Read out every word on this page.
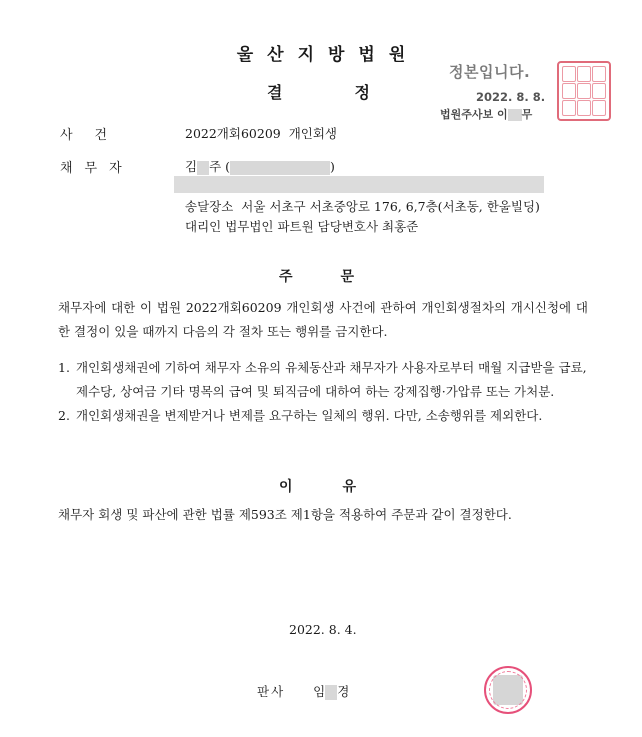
울산지방법원
결	정
정본입니다.
2022. 8. 8.
법원주사보 이 무
사건	2022개회60209 개인회생
채무자	김 주 (	)
송달장소  서울 서초구 서초중앙로 176, 6,7층(서초동, 한울빌딩)
대리인 법무법인 파트원 담당변호사 최홍준
주	문
채무자에 대한 이 법원 2022개회60209 개인회생 사건에 관하여 개인회생절차의 개시신청에 대한 결정이 있을 때까지 다음의 각 절차 또는 행위를 금지한다.
1. 개인회생채권에 기하여 채무자 소유의 유체동산과 채무자가 사용자로부터 매월 지급받을 급료, 제수당, 상여금 기타 명목의 급여 및 퇴직금에 대하여 하는 강제집행·가압류 또는 가처분.
2. 개인회생채권을 변제받거나 변제를 요구하는 일체의 행위. 다만, 소송행위를 제외한다.
이	유
채무자 회생 및 파산에 관한 법률 제593조 제1항을 적용하여 주문과 같이 결정한다.
2022. 8. 4.
판사 임 경
